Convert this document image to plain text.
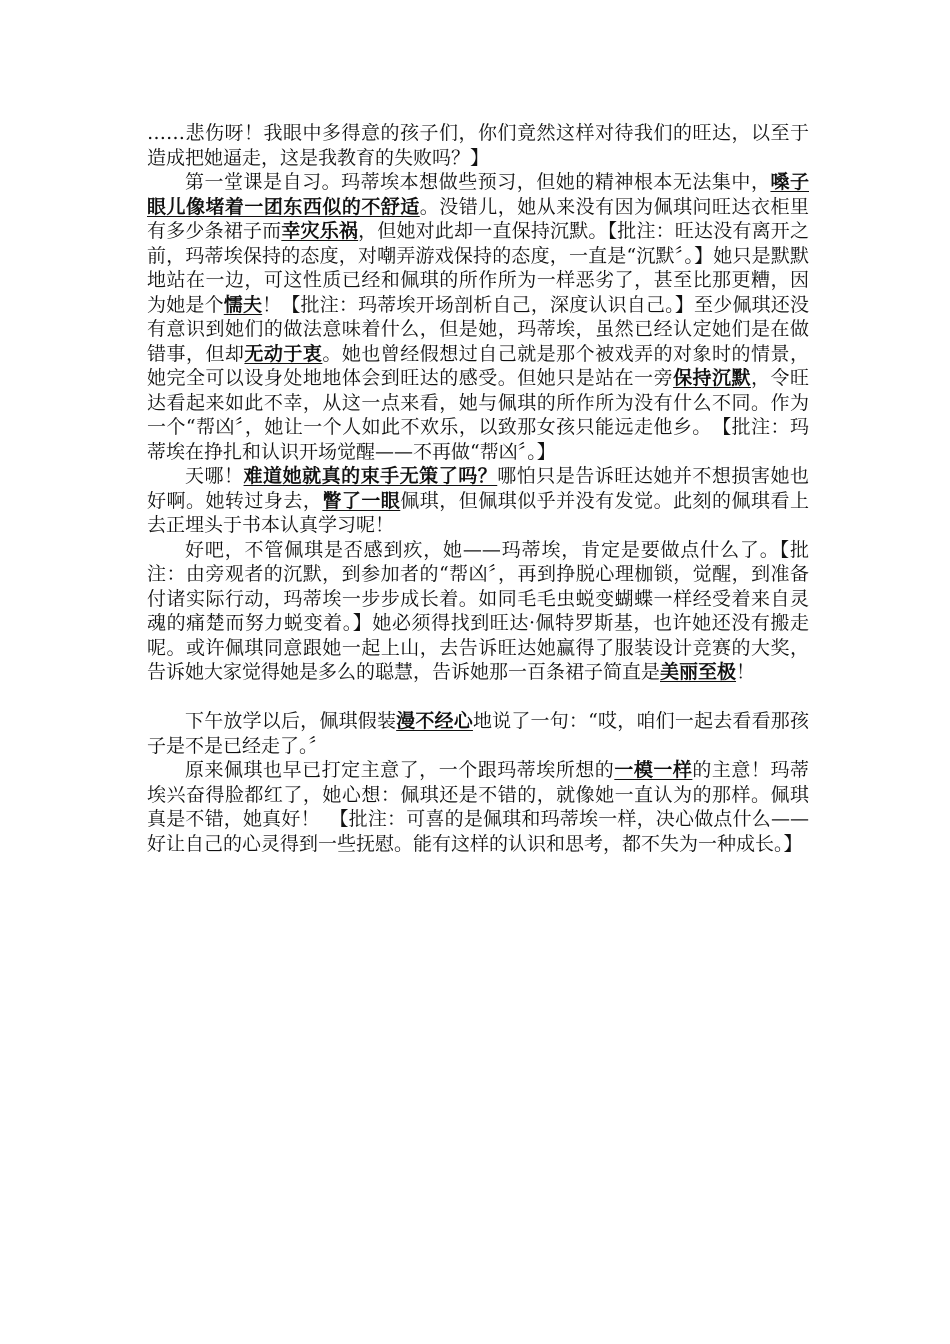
……悲伤呀！我眼中多得意的孩子们，你们竟然这样对待我们的旺达，以至于造成把她逼走，这是我教育的失败吗？】

第一堂课是自习。玛蒂埃本想做些预习，但她的精神根本无法集中，嗓子眼儿像堵着一团东西似的不舒适。没错儿，她从来没有因为佩琪问旺达衣柜里有多少条裙子而幸灾乐祸，但她对此却一直保持沉默。【批注：旺达没有离开之前，玛蒂埃保持的态度，对嘲弄游戏保持的态度，一直是“沉默〞。】她只是默默地站在一边，可这性质已经和佩琪的所作所为一样恶劣了，甚至比那更糟，因为她是个懦夫！【批注：玛蒂埃开场剖析自己，深度认识自己。】至少佩琪还没有意识到她们的做法意味着什么，但是她，玛蒂埃，虽然已经认定她们是在做错事，但却无动于衷。她也曾经假想过自己就是那个被戏弄的对象时的情景，她完全可以设身处地地体会到旺达的感受。但她只是站在一旁保持沉默，令旺达看起来如此不幸，从这一点来看，她与佩琪的所作所为没有什么不同。作为一个“帮凶〞，她让一个人如此不欢乐，以致那女孩只能远走他乡。　【批注：玛蒂埃在挣扎和认识开场觉醒——不再做“帮凶〞。】

天哪！难道她就真的束手无策了吗？哪怕只是告诉旺达她并不想损害她也好啊。她转过身去，瞥了一眼佩琪，但佩琪似乎并没有发觉。此刻的佩琪看上去正埋头于书本认真学习呢！

好吧，不管佩琪是否感到疚，她——玛蒂埃，肯定是要做点什么了。【批注：由旁观者的沉默，到参加者的“帮凶〞，再到挣脱心理枷锁，觉醒，到准备付诸实际行动，玛蒂埃一步步成长着。如同毛毛虫蜕变蝴蝶一样经受着来自灵魂的痛楚而努力蜕变着。】她必须得找到旺达·佩特罗斯基，也许她还没有搬走呢。或许佩琪同意跟她一起上山，去告诉旺达她赢得了服装设计竞赛的大奖，告诉她大家觉得她是多么的聪慧，告诉她那一百条裙子简直是美丽至极！

下午放学以后，佩琪假装漫不经心地说了一句：“哎，咱们一起去看看那孩子是不是已经走了。〞

原来佩琪也早已打定主意了，一个跟玛蒂埃所想的一模一样的主意！玛蒂埃兴奋得脸都红了，她心想：佩琪还是不错的，就像她一直认为的那样。佩琪真是不错，她真好！　【批注：可喜的是佩琪和玛蒂埃一样，决心做点什么——好让自己的心灵得到一些抚慰。能有这样的认识和思考，都不失为一种成长。】
